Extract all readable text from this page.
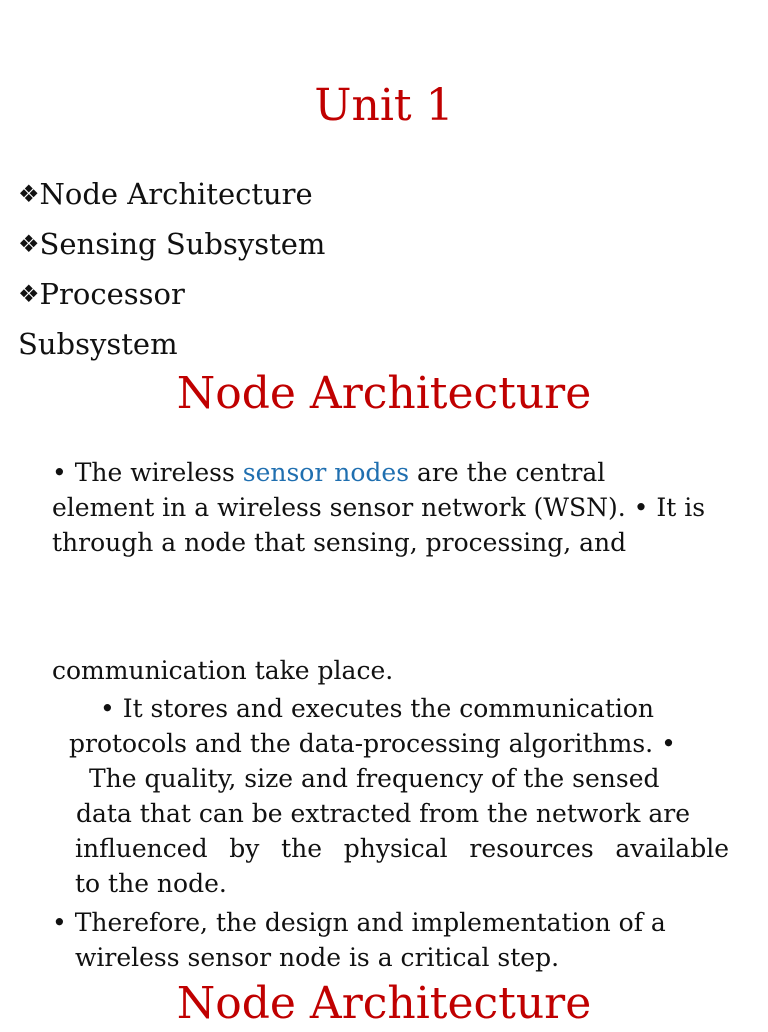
Unit 1
❖Node Architecture
❖Sensing Subsystem
❖Processor
Subsystem
Node Architecture
• The wireless sensor nodes are the central
element in a wireless sensor network (WSN). • It is
through a node that sensing, processing, and
communication take place.
• It stores and executes the communication
protocols and the data-processing algorithms. •
The quality, size and frequency of the sensed
data that can be extracted from the network are
influenced by the physical resources available
to the node.
• Therefore, the design and implementation of a
wireless sensor node is a critical step.
Node Architecture
